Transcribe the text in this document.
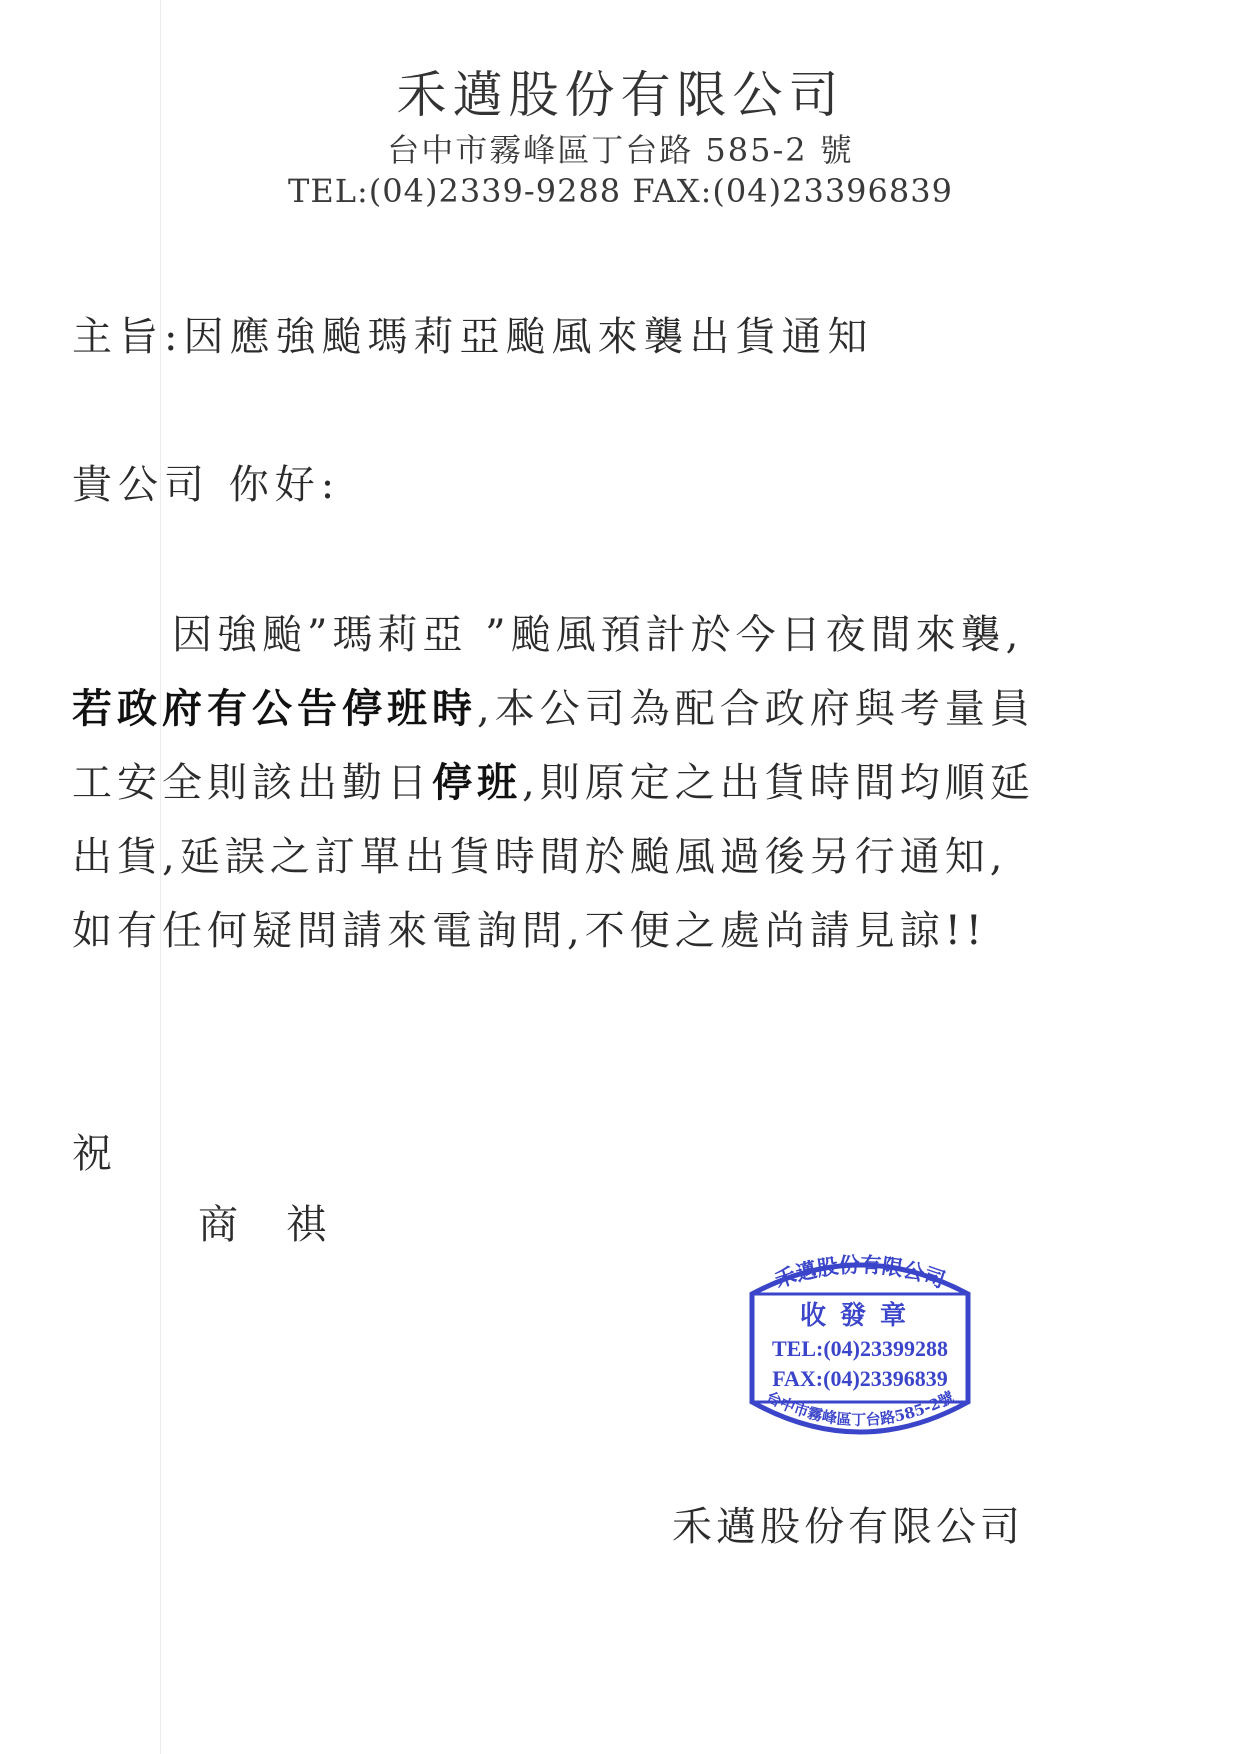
禾邁股份有限公司
台中市霧峰區丁台路 585-2 號
TEL:(04)2339-9288 FAX:(04)23396839
主旨:因應強颱瑪莉亞颱風來襲出貨通知
貴公司 你好:
因強颱”瑪莉亞 ”颱風預計於今日夜間來襲,
若政府有公告停班時,本公司為配合政府與考量員
工安全則該出勤日停班,則原定之出貨時間均順延
出貨,延誤之訂單出貨時間於颱風過後另行通知,
如有任何疑問請來電詢問,不便之處尚請見諒!!
祝
商祺
禾邁股份有限公司
收發章
TEL:(04)23399288
FAX:(04)23396839
台中市霧峰區丁台路585-2號
禾邁股份有限公司
